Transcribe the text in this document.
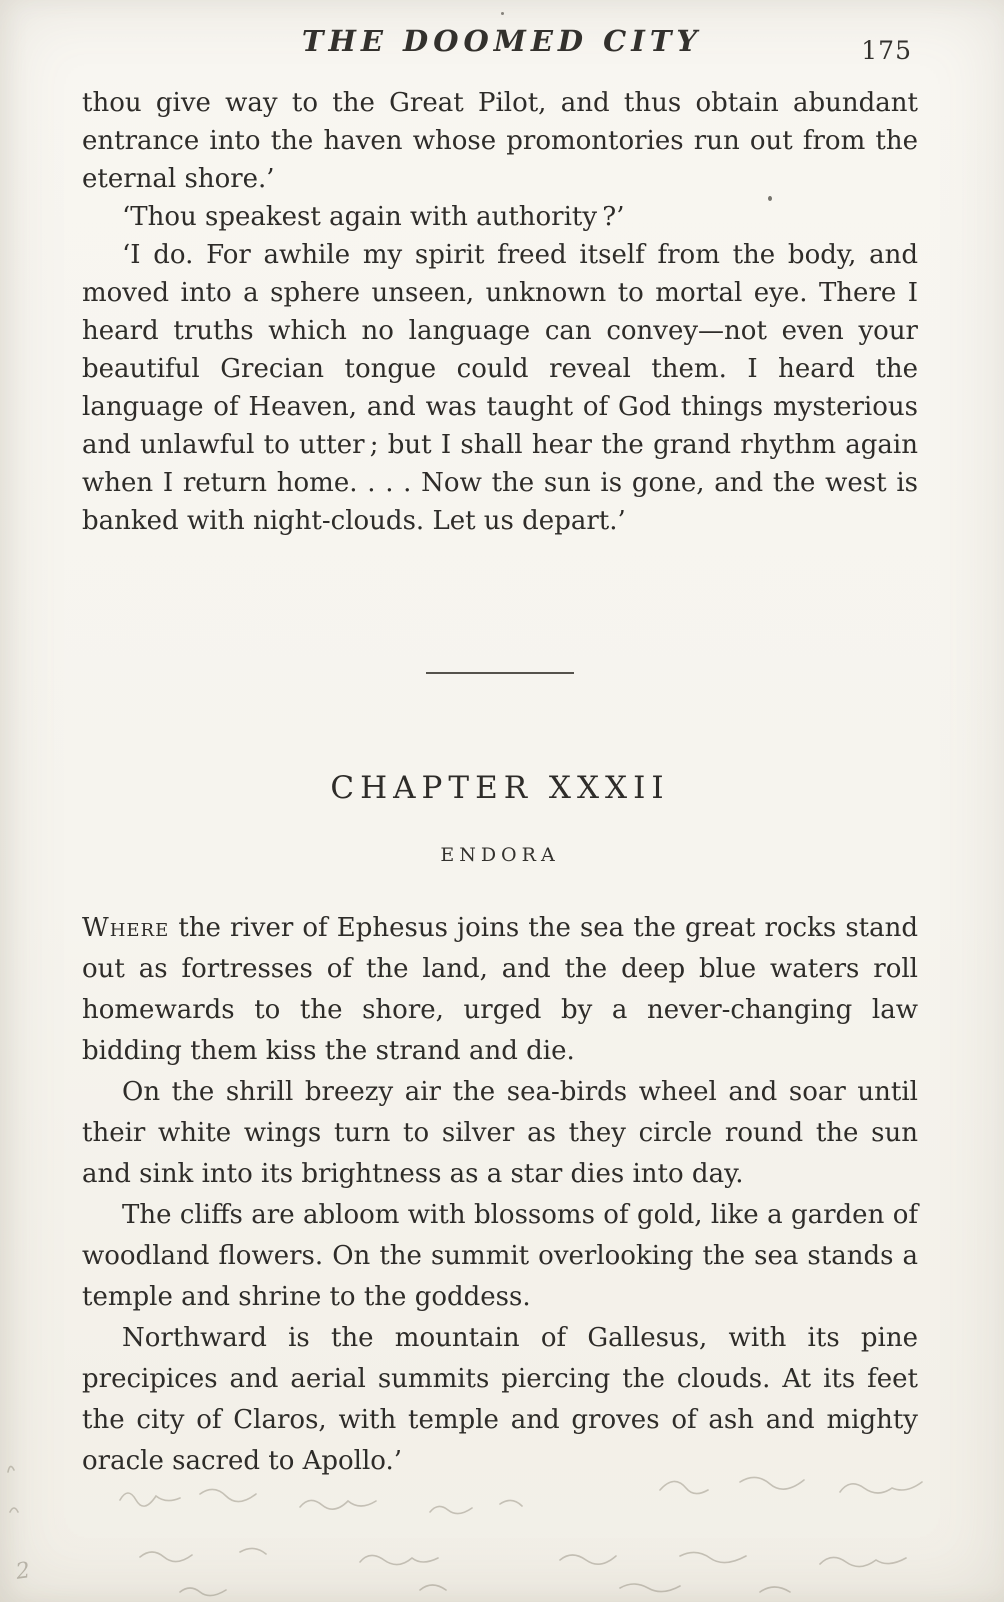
THE DOOMED CITY	175

thou give way to the Great Pilot, and thus obtain abundant entrance into the haven whose promontories run out from the eternal shore.’

‘Thou speakest again with authority ?’

‘I do. For awhile my spirit freed itself from the body, and moved into a sphere unseen, unknown to mortal eye. There I heard truths which no language can convey—not even your beautiful Grecian tongue could reveal them. I heard the language of Heaven, and was taught of God things mysterious and unlawful to utter ; but I shall hear the grand rhythm again when I return home. . . . Now the sun is gone, and the west is banked with night-clouds. Let us depart.’

CHAPTER XXXII
ENDORA

Where the river of Ephesus joins the sea the great rocks stand out as fortresses of the land, and the deep blue waters roll homewards to the shore, urged by a never-changing law bidding them kiss the strand and die.

On the shrill breezy air the sea-birds wheel and soar until their white wings turn to silver as they circle round the sun and sink into its brightness as a star dies into day.

The cliffs are abloom with blossoms of gold, like a garden of woodland flowers. On the summit overlooking the sea stands a temple and shrine to the goddess.

Northward is the mountain of Gallesus, with its pine precipices and aerial summits piercing the clouds. At its feet the city of Claros, with temple and groves of ash and mighty oracle sacred to Apollo.’

2
